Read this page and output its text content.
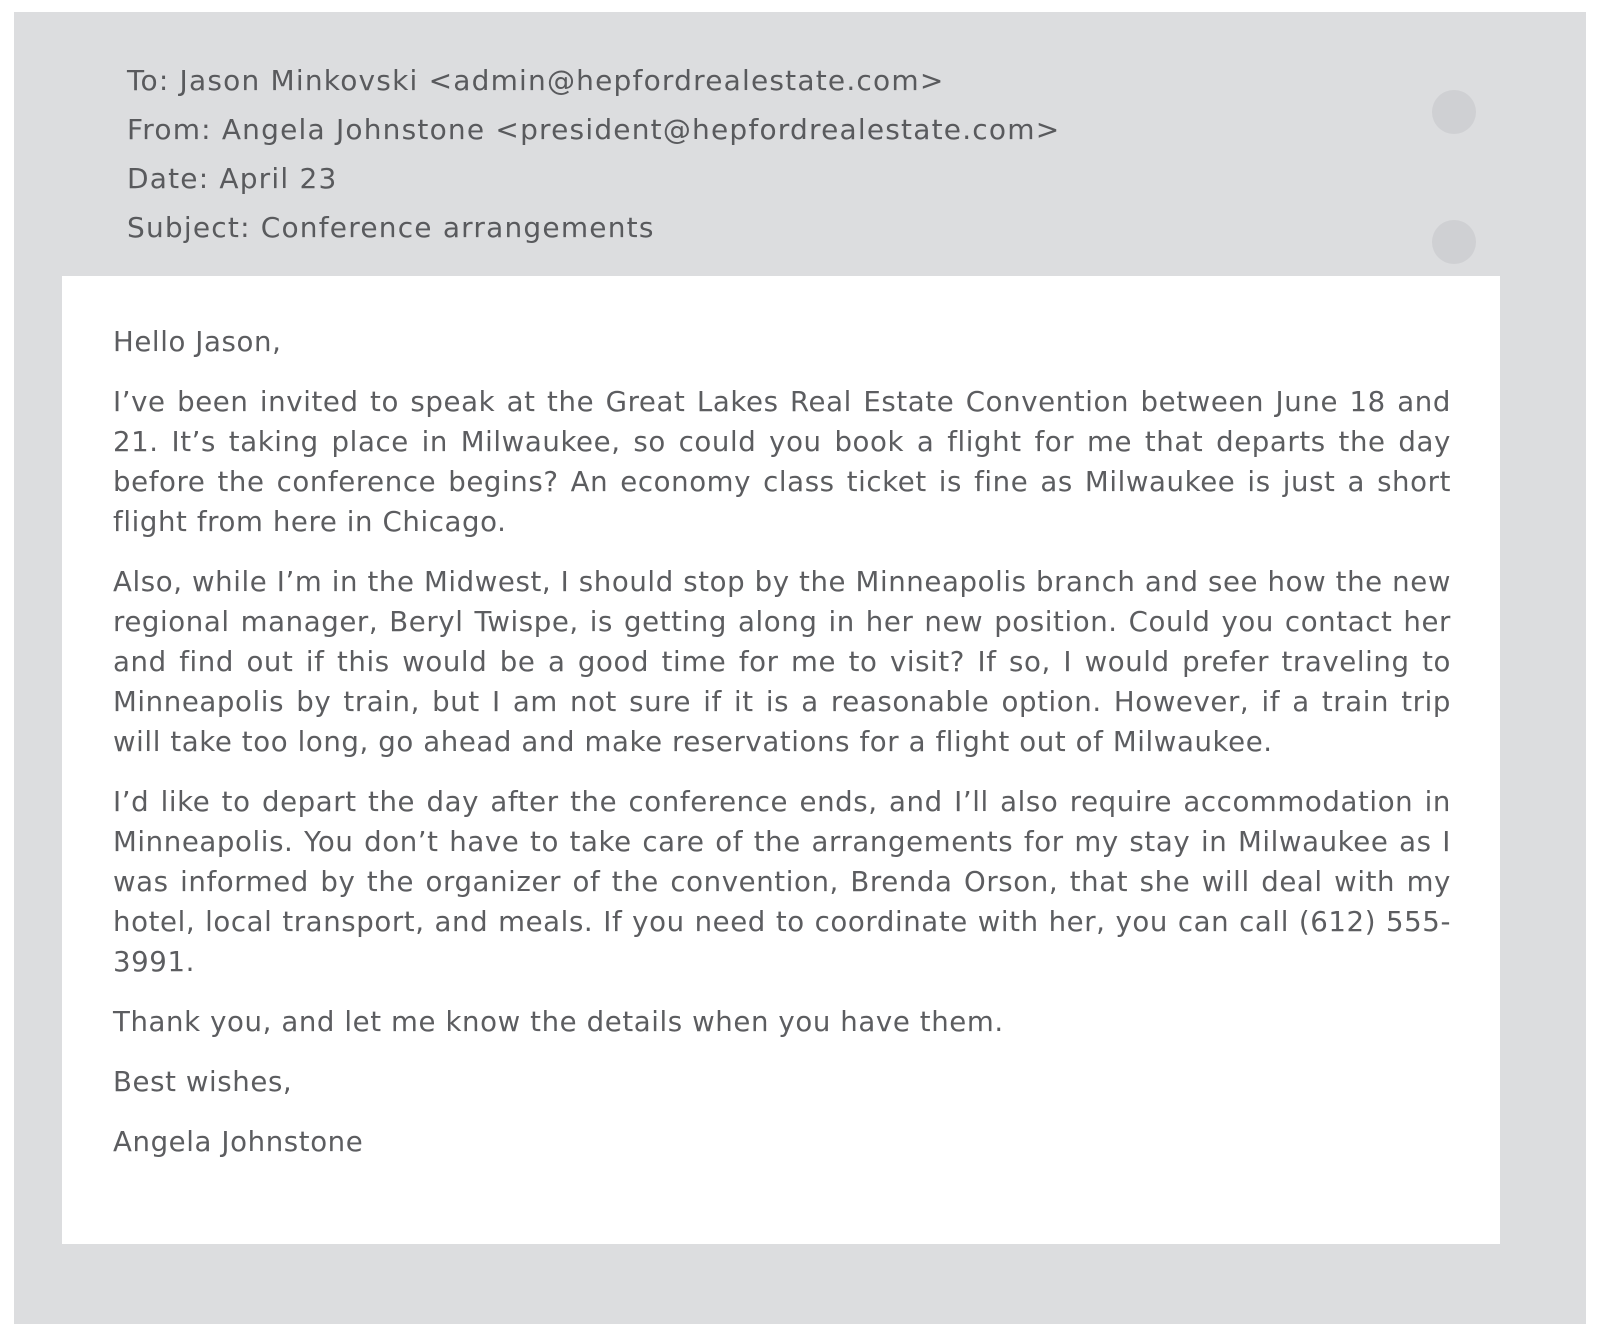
To: Jason Minkovski <admin@hepfordrealestate.com>
From: Angela Johnstone <president@hepfordrealestate.com>
Date: April 23
Subject: Conference arrangements

Hello Jason,

I’ve been invited to speak at the Great Lakes Real Estate Convention between June 18 and 21. It’s taking place in Milwaukee, so could you book a flight for me that departs the day before the conference begins? An economy class ticket is fine as Milwaukee is just a short flight from here in Chicago.

Also, while I’m in the Midwest, I should stop by the Minneapolis branch and see how the new regional manager, Beryl Twispe, is getting along in her new position. Could you contact her and find out if this would be a good time for me to visit? If so, I would prefer traveling to Minneapolis by train, but I am not sure if it is a reasonable option. However, if a train trip will take too long, go ahead and make reservations for a flight out of Milwaukee.

I’d like to depart the day after the conference ends, and I’ll also require accommodation in Minneapolis. You don’t have to take care of the arrangements for my stay in Milwaukee as I was informed by the organizer of the convention, Brenda Orson, that she will deal with my hotel, local transport, and meals. If you need to coordinate with her, you can call (612) 555-3991.

Thank you, and let me know the details when you have them.

Best wishes,

Angela Johnstone
